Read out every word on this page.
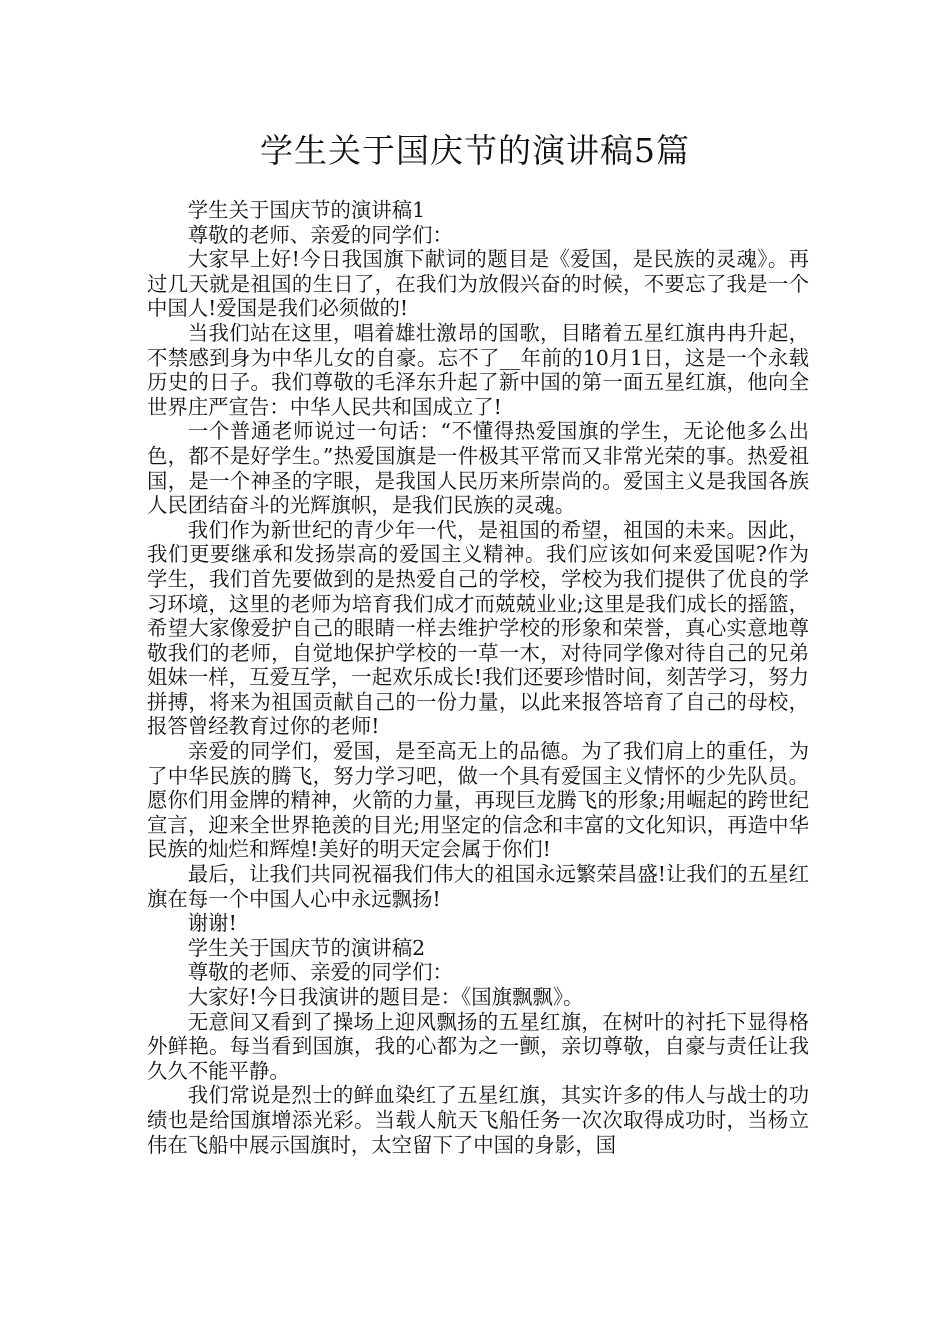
学生关于国庆节的演讲稿5篇

学生关于国庆节的演讲稿1

尊敬的老师、亲爱的同学们：

大家早上好!今日我国旗下献词的题目是《爱国，是民族的灵魂》。再过几天就是祖国的生日了，在我们为放假兴奋的时候，不要忘了我是一个中国人!爱国是我们必须做的!

当我们站在这里，唱着雄壮激昂的国歌，目睹着五星红旗冉冉升起，不禁感到身为中华儿女的自豪。忘不了__年前的10月1日，这是一个永载历史的日子。我们尊敬的毛泽东升起了新中国的第一面五星红旗，他向全世界庄严宣告：中华人民共和国成立了!

一个普通老师说过一句话：“不懂得热爱国旗的学生，无论他多么出色，都不是好学生。”热爱国旗是一件极其平常而又非常光荣的事。热爱祖国，是一个神圣的字眼，是我国人民历来所崇尚的。爱国主义是我国各族人民团结奋斗的光辉旗帜，是我们民族的灵魂。

我们作为新世纪的青少年一代，是祖国的希望，祖国的未来。因此，我们更要继承和发扬崇高的爱国主义精神。我们应该如何来爱国呢?作为学生，我们首先要做到的是热爱自己的学校，学校为我们提供了优良的学习环境，这里的老师为培育我们成才而兢兢业业;这里是我们成长的摇篮，希望大家像爱护自己的眼睛一样去维护学校的形象和荣誉，真心实意地尊敬我们的老师，自觉地保护学校的一草一木，对待同学像对待自己的兄弟姐妹一样，互爱互学，一起欢乐成长!我们还要珍惜时间，刻苦学习，努力拼搏，将来为祖国贡献自己的一份力量，以此来报答培育了自己的母校，报答曾经教育过你的老师!

亲爱的同学们，爱国，是至高无上的品德。为了我们肩上的重任，为了中华民族的腾飞，努力学习吧，做一个具有爱国主义情怀的少先队员。愿你们用金牌的精神，火箭的力量，再现巨龙腾飞的形象;用崛起的跨世纪宣言，迎来全世界艳羡的目光;用坚定的信念和丰富的文化知识，再造中华民族的灿烂和辉煌!美好的明天定会属于你们!

最后，让我们共同祝福我们伟大的祖国永远繁荣昌盛!让我们的五星红旗在每一个中国人心中永远飘扬!

谢谢!

学生关于国庆节的演讲稿2

尊敬的老师、亲爱的同学们：

大家好!今日我演讲的题目是：《国旗飘飘》。

无意间又看到了操场上迎风飘扬的五星红旗，在树叶的衬托下显得格外鲜艳。每当看到国旗，我的心都为之一颤，亲切尊敬，自豪与责任让我久久不能平静。

我们常说是烈士的鲜血染红了五星红旗，其实许多的伟人与战士的功绩也是给国旗增添光彩。当载人航天飞船任务一次次取得成功时，当杨立伟在飞船中展示国旗时，太空留下了中国的身影，国
